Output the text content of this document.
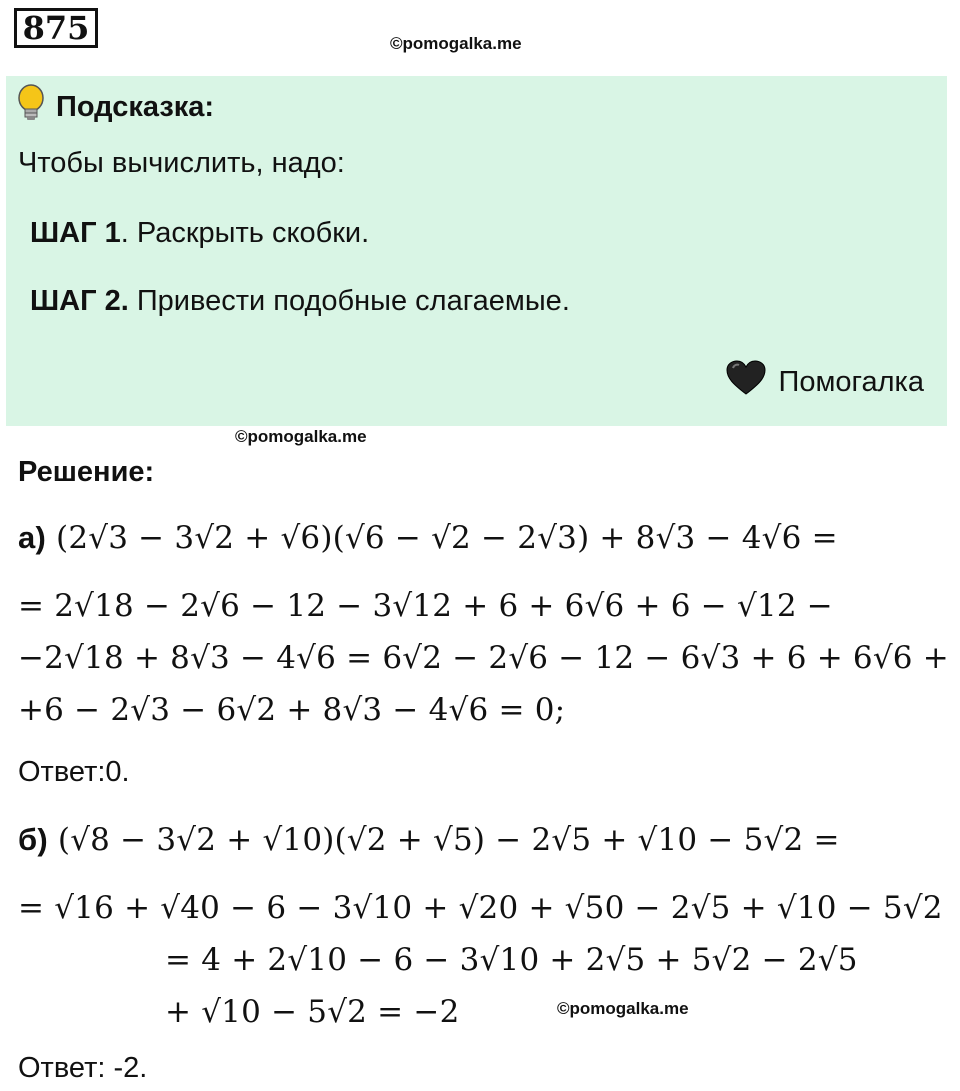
875	©pomogalka.me
Подсказка:
Чтобы вычислить, надо:
ШАГ 1. Раскрыть скобки.
ШАГ 2. Привести подобные слагаемые.
Помогалка
©pomogalka.me
Решение:
а) (2√3 − 3√2 + √6)(√6 − √2 − 2√3) + 8√3 − 4√6 =
= 2√18 − 2√6 − 12 − 3√12 + 6 + 6√6 + 6 − √12 −
−2√18 + 8√3 − 4√6 = 6√2 − 2√6 − 12 − 6√3 + 6 + 6√6 +
+6 − 2√3 − 6√2 + 8√3 − 4√6 = 0;
Ответ:0.
б) (√8 − 3√2 + √10)(√2 + √5) − 2√5 + √10 − 5√2 =
= √16 + √40 − 6 − 3√10 + √20 + √50 − 2√5 + √10 − 5√2
= 4 + 2√10 − 6 − 3√10 + 2√5 + 5√2 − 2√5
+ √10 − 5√2 = −2	©pomogalka.me
Ответ: -2.
